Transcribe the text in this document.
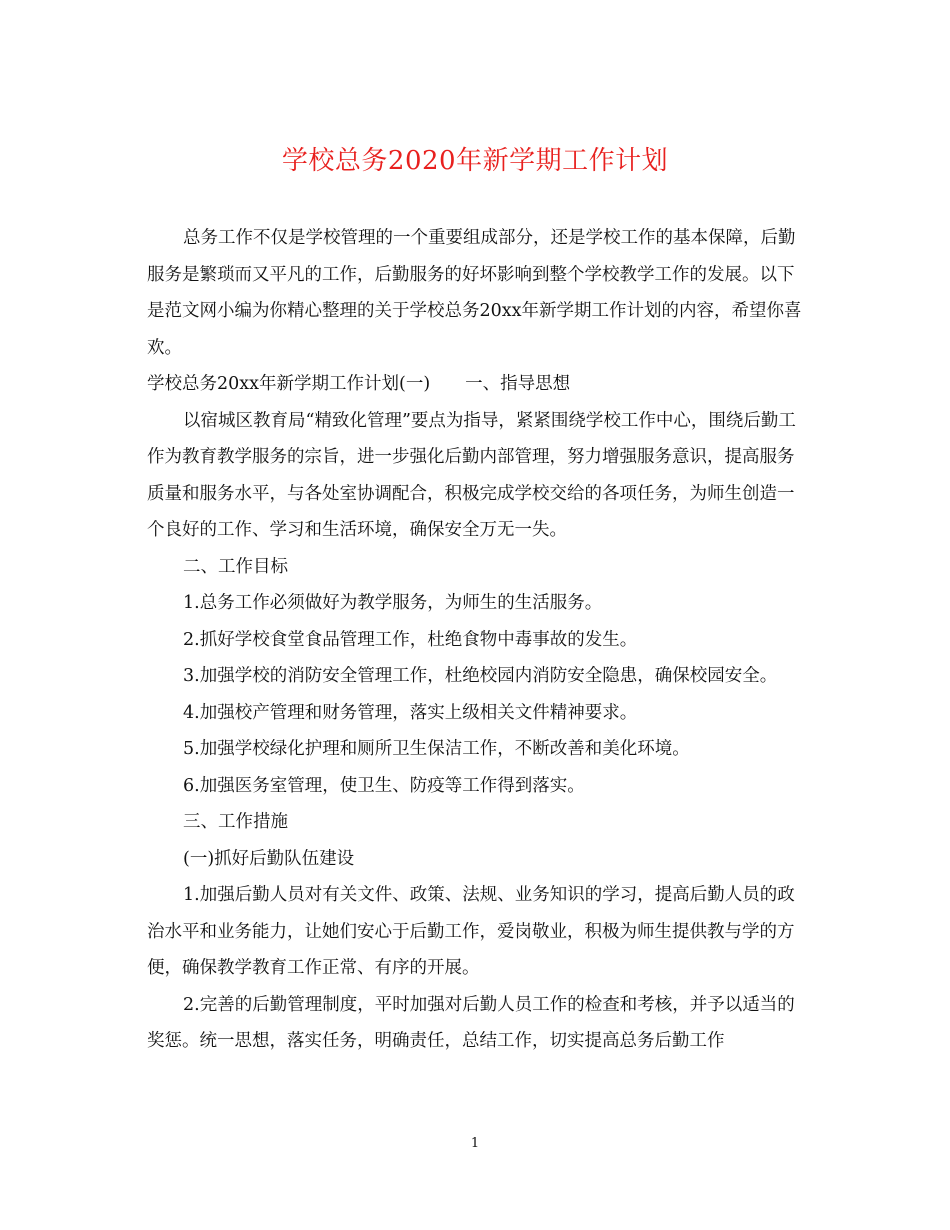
学校总务2020年新学期工作计划

总务工作不仅是学校管理的一个重要组成部分，还是学校工作的基本保障，后勤服务是繁琐而又平凡的工作，后勤服务的好坏影响到整个学校教学工作的发展。以下是范文网小编为你精心整理的关于学校总务20xx年新学期工作计划的内容，希望你喜欢。

学校总务20xx年新学期工作计划(一)　　一、指导思想

以宿城区教育局“精致化管理”要点为指导，紧紧围绕学校工作中心，围绕后勤工作为教育教学服务的宗旨，进一步强化后勤内部管理，努力增强服务意识，提高服务质量和服务水平，与各处室协调配合，积极完成学校交给的各项任务，为师生创造一个良好的工作、学习和生活环境，确保安全万无一失。

二、工作目标

1.总务工作必须做好为教学服务，为师生的生活服务。

2.抓好学校食堂食品管理工作，杜绝食物中毒事故的发生。

3.加强学校的消防安全管理工作，杜绝校园内消防安全隐患，确保校园安全。

4.加强校产管理和财务管理，落实上级相关文件精神要求。

5.加强学校绿化护理和厕所卫生保洁工作，不断改善和美化环境。

6.加强医务室管理，使卫生、防疫等工作得到落实。

三、工作措施

(一)抓好后勤队伍建设

1.加强后勤人员对有关文件、政策、法规、业务知识的学习，提高后勤人员的政治水平和业务能力，让她们安心于后勤工作，爱岗敬业，积极为师生提供教与学的方便，确保教学教育工作正常、有序的开展。

2.完善的后勤管理制度，平时加强对后勤人员工作的检查和考核，并予以适当的奖惩。统一思想，落实任务，明确责任，总结工作，切实提高总务后勤工作

1
